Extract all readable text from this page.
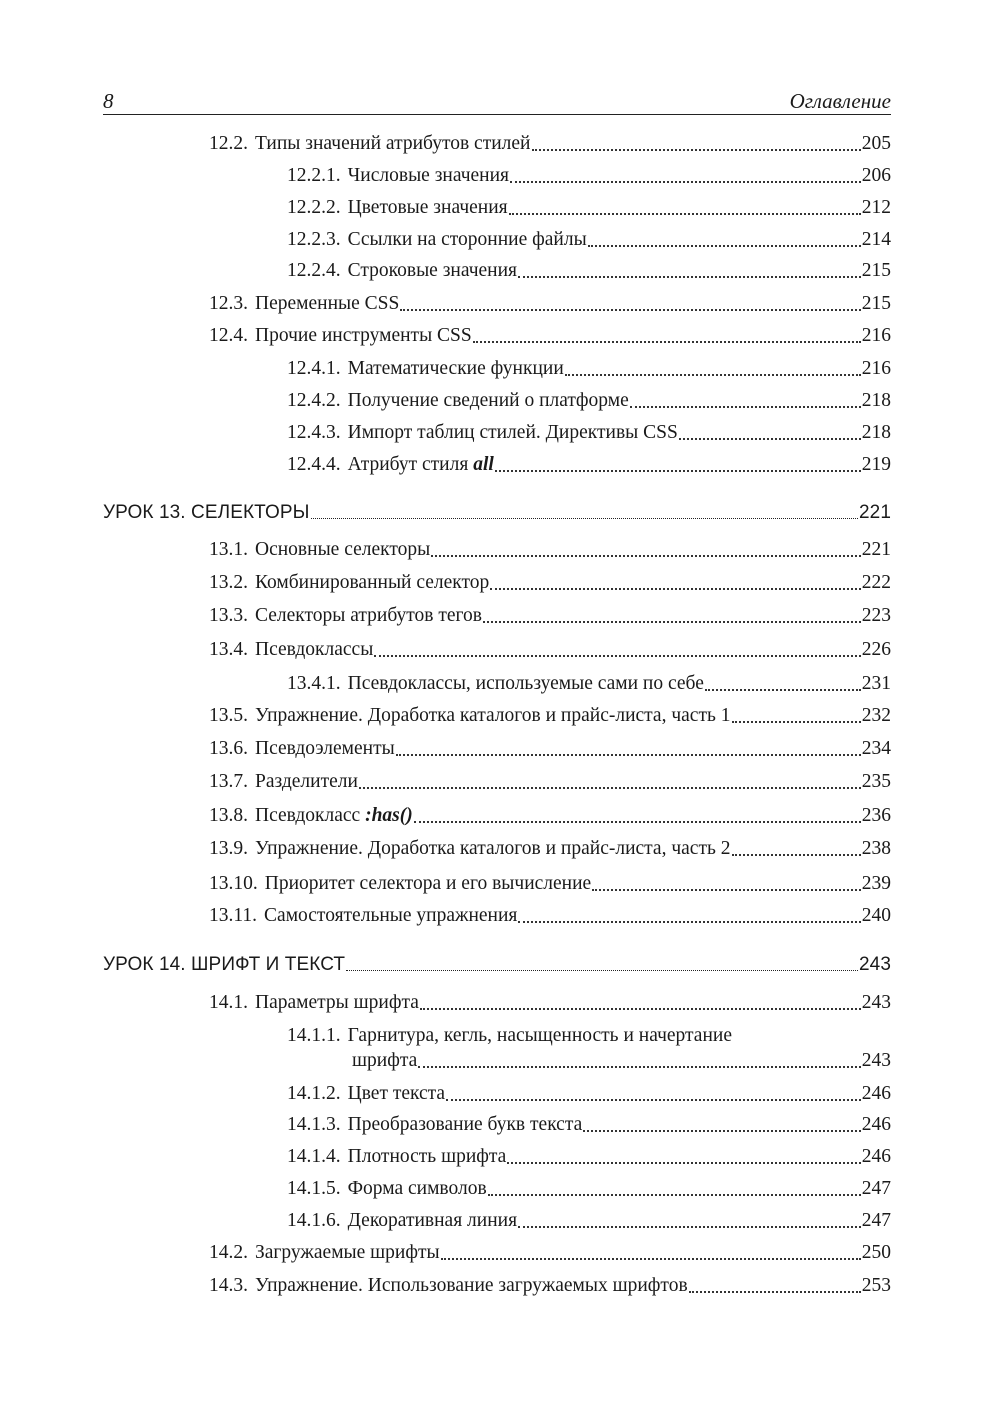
8	Оглавление
12.2. Типы значений атрибутов стилей	205
12.2.1. Числовые значения	206
12.2.2. Цветовые значения	212
12.2.3. Ссылки на сторонние файлы	214
12.2.4. Строковые значения	215
12.3. Переменные CSS	215
12.4. Прочие инструменты CSS	216
12.4.1. Математические функции	216
12.4.2. Получение сведений о платформе	218
12.4.3. Импорт таблиц стилей. Директивы CSS	218
12.4.4. Атрибут стиля all	219
УРОК 13. СЕЛЕКТОРЫ	221
13.1. Основные селекторы	221
13.2. Комбинированный селектор	222
13.3. Селекторы атрибутов тегов	223
13.4. Псевдоклассы	226
13.4.1. Псевдоклассы, используемые сами по себе	231
13.5. Упражнение. Доработка каталогов и прайс-листа, часть 1	232
13.6. Псевдоэлементы	234
13.7. Разделители	235
13.8. Псевдокласс :has()	236
13.9. Упражнение. Доработка каталогов и прайс-листа, часть 2	238
13.10. Приоритет селектора и его вычисление	239
13.11. Самостоятельные упражнения	240
УРОК 14. ШРИФТ И ТЕКСТ	243
14.1. Параметры шрифта	243
14.1.1. Гарнитура, кегль, насыщенность и начертание
шрифта	243
14.1.2. Цвет текста	246
14.1.3. Преобразование букв текста	246
14.1.4. Плотность шрифта	246
14.1.5. Форма символов	247
14.1.6. Декоративная линия	247
14.2. Загружаемые шрифты	250
14.3. Упражнение. Использование загружаемых шрифтов	253
